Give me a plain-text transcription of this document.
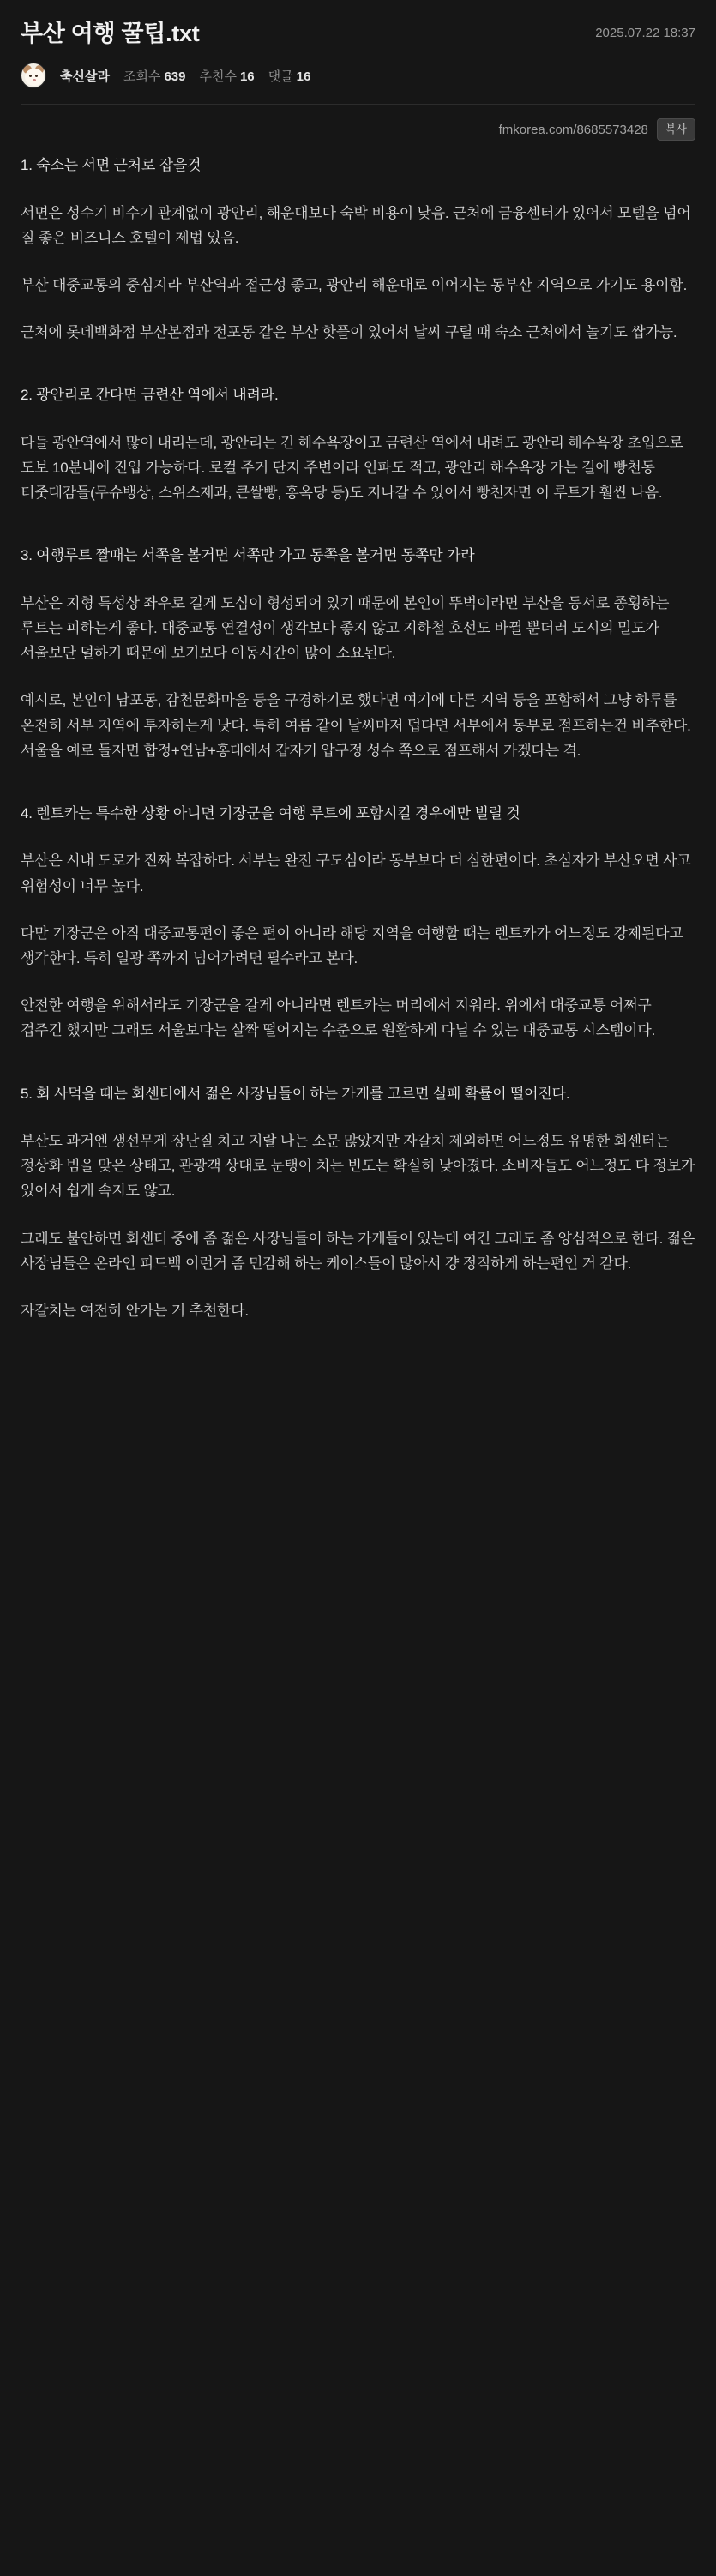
부산 여행 꿀팁.txt	2025.07.22 18:37
축신살라 조회수 639 추천수 16 댓글 16
fmkorea.com/8685573428	복사
1. 숙소는 서면 근처로 잡을것
서면은 성수기 비수기 관계없이 광안리, 해운대보다 숙박 비용이 낮음. 근처에 금융센터가 있어서 모텔을 넘어 질 좋은 비즈니스 호텔이 제법 있음.
부산 대중교통의 중심지라 부산역과 접근성 좋고, 광안리 해운대로 이어지는 동부산 지역으로 가기도 용이함.
근처에 롯데백화점 부산본점과 전포동 같은 부산 핫플이 있어서 날씨 구릴 때 숙소 근처에서 놀기도 쌉가능.
2. 광안리로 간다면 금련산 역에서 내려라.
다들 광안역에서 많이 내리는데, 광안리는 긴 해수욕장이고 금련산 역에서 내려도 광안리 해수욕장 초입으로 도보 10분내에 진입 가능하다. 로컬 주거 단지 주변이라 인파도 적고, 광안리 해수욕장 가는 길에 빵천동 터줏대감들(무슈뱅상, 스위스제과, 큰쌀빵, 홍옥당 등)도 지나갈 수 있어서 빵친자면 이 루트가 훨씬 나음.
3. 여행루트 짤때는 서쪽을 볼거면 서쪽만 가고 동쪽을 볼거면 동쪽만 가라
부산은 지형 특성상 좌우로 길게 도심이 형성되어 있기 때문에 본인이 뚜벅이라면 부산을 동서로 종횡하는 루트는 피하는게 좋다. 대중교통 연결성이 생각보다 좋지 않고 지하철 호선도 바뀔 뿐더러 도시의 밀도가 서울보단 덜하기 때문에 보기보다 이동시간이 많이 소요된다.
예시로, 본인이 남포동, 감천문화마을 등을 구경하기로 했다면 여기에 다른 지역 등을 포함해서 그냥 하루를 온전히 서부 지역에 투자하는게 낫다. 특히 여름 같이 날씨마저 덥다면 서부에서 동부로 점프하는건 비추한다. 서울을 예로 들자면 합정+연남+홍대에서 갑자기 압구정 성수 쪽으로 점프해서 가겠다는 격.
4. 렌트카는 특수한 상황 아니면 기장군을 여행 루트에 포함시킬 경우에만 빌릴 것
부산은 시내 도로가 진짜 복잡하다. 서부는 완전 구도심이라 동부보다 더 심한편이다. 초심자가 부산오면 사고 위험성이 너무 높다.
다만 기장군은 아직 대중교통편이 좋은 편이 아니라 해당 지역을 여행할 때는 렌트카가 어느정도 강제된다고 생각한다. 특히 일광 쪽까지 넘어가려면 필수라고 본다.
안전한 여행을 위해서라도 기장군을 갈게 아니라면 렌트카는 머리에서 지워라. 위에서 대중교통 어쩌구 겁주긴 했지만 그래도 서울보다는 살짝 떨어지는 수준으로 원활하게 다닐 수 있는 대중교통 시스템이다.
5. 회 사먹을 때는 회센터에서 젊은 사장님들이 하는 가게를 고르면 실패 확률이 떨어진다.
부산도 과거엔 생선무게 장난질 치고 지랄 나는 소문 많았지만 자갈치 제외하면 어느정도 유명한 회센터는 정상화 빔을 맞은 상태고, 관광객 상대로 눈탱이 치는 빈도는 확실히 낮아졌다. 소비자들도 어느정도 다 정보가 있어서 쉽게 속지도 않고.
그래도 불안하면 회센터 중에 좀 젊은 사장님들이 하는 가게들이 있는데 여긴 그래도 좀 양심적으로 한다. 젊은 사장님들은 온라인 피드백 이런거 좀 민감해 하는 케이스들이 많아서 걍 정직하게 하는편인 거 같다.
자갈치는 여전히 안가는 거 추천한다.
